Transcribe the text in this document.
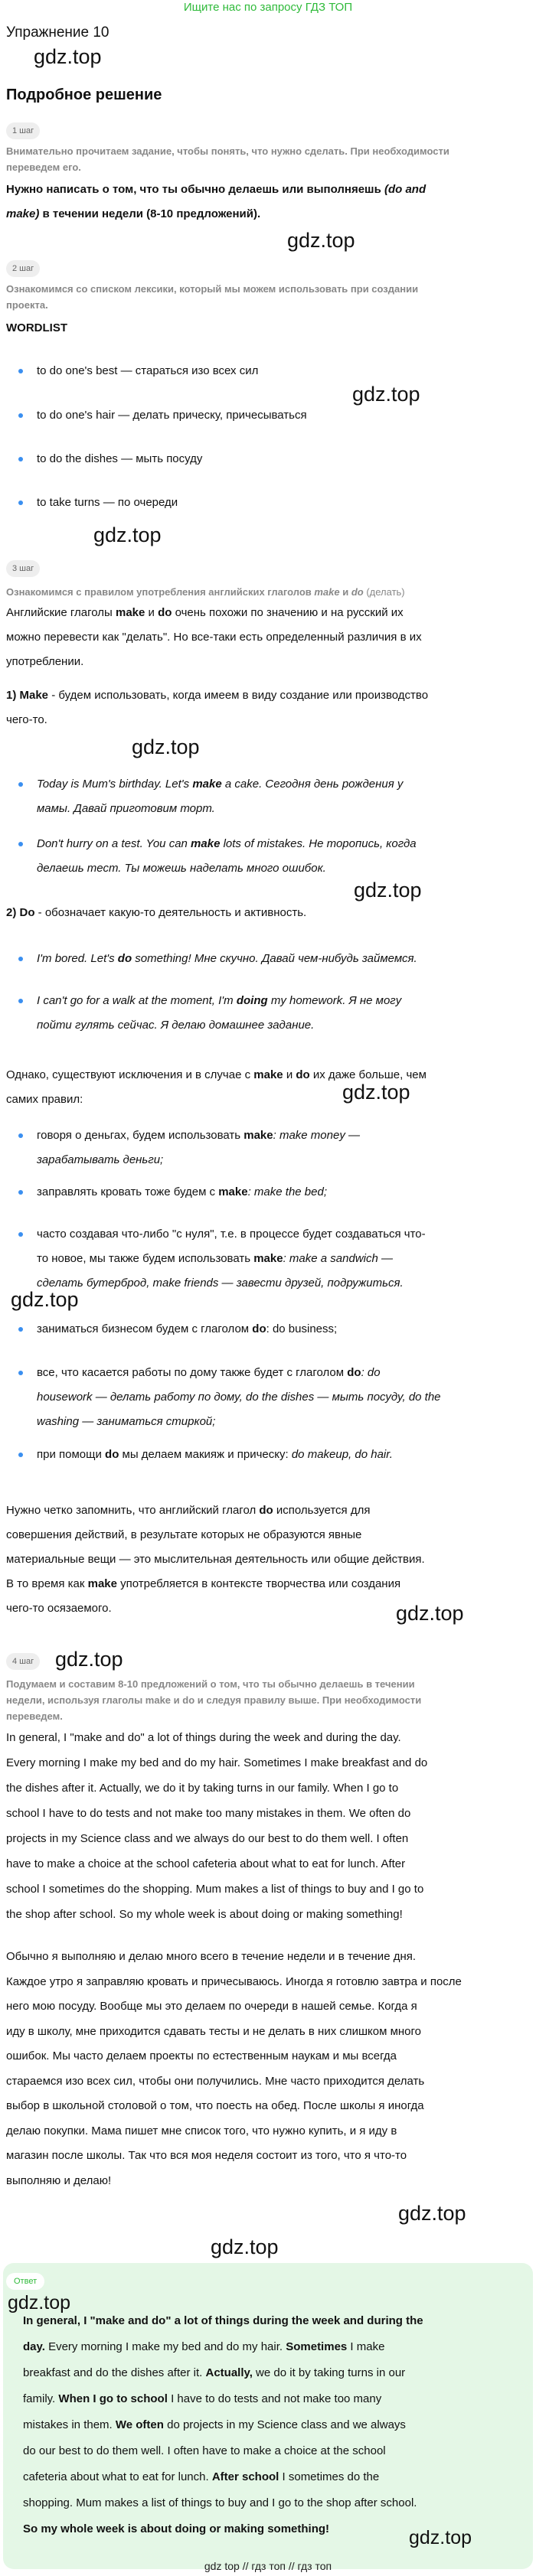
Ищите нас по запросу ГДЗ ТОП
Упражнение 10
gdz.top
Подробное решение
1 шаг
Внимательно прочитаем задание, чтобы понять, что нужно сделать. При необходимости
переведем его.
Нужно написать о том, что ты обычно делаешь или выполняешь (do and
make) в течении недели (8-10 предложений).
gdz.top
2 шаг
Ознакомимся со списком лексики, который мы можем использовать при создании
проекта.
WORDLIST
to do one's best — стараться изо всех сил
to do one's hair — делать прическу, причесываться
gdz.top
to do the dishes — мыть посуду
to take turns — по очереди
gdz.top
3 шаг
Ознакомимся с правилом употребления английских глаголов make и do (делать)
Английские глаголы make и do очень похожи по значению и на русский их
можно перевести как "делать". Но все-таки есть определенный различия в их
употреблении.
1) Make - будем использовать, когда имеем в виду создание или производство
чего-то.
gdz.top
Today is Mum's birthday. Let's make a cake. Сегодня день рождения у
мамы. Давай приготовим торт.
Don't hurry on a test. You can make lots of mistakes. Не торопись, когда
делаешь тест. Ты можешь наделать много ошибок.
gdz.top
2) Do - обозначает какую-то деятельность и активность.
I'm bored. Let's do something! Мне скучно. Давай чем-нибудь займемся.
I can't go for a walk at the moment, I'm doing my homework. Я не могу
пойти гулять сейчас. Я делаю домашнее задание.
Однако, существуют исключения и в случае с make и do их даже больше, чем
самих правил:	gdz.top
говоря о деньгах, будем использовать make: make money —
зарабатывать деньги;
заправлять кровать тоже будем с make: make the bed;
часто создавая что-либо "с нуля", т.е. в процессе будет создаваться что-
то новое, мы также будем использовать make: make a sandwich —
сделать бутерброд, make friends — завести друзей, подружиться.
gdz.top
заниматься бизнесом будем с глаголом do: do business;
все, что касается работы по дому также будет с глаголом do: do
housework — делать работу по дому, do the dishes — мыть посуду, do the
washing — заниматься стиркой;
при помощи do мы делаем макияж и прическу: do makeup, do hair.
Нужно четко запомнить, что английский глагол do используется для
совершения действий, в результате которых не образуются явные
материальные вещи — это мыслительная деятельность или общие действия.
В то время как make употребляется в контексте творчества или создания
чего-то осязаемого.	gdz.top
4 шаг gdz.top
Подумаем и составим 8-10 предложений о том, что ты обычно делаешь в течении
недели, используя глаголы make и do и следуя правилу выше. При необходимости
переведем.
In general, I "make and do" a lot of things during the week and during the day.
Every morning I make my bed and do my hair. Sometimes I make breakfast and do
the dishes after it. Actually, we do it by taking turns in our family. When I go to
school I have to do tests and not make too many mistakes in them. We often do
projects in my Science class and we always do our best to do them well. I often
have to make a choice at the school cafeteria about what to eat for lunch. After
school I sometimes do the shopping. Mum makes a list of things to buy and I go to
the shop after school. So my whole week is about doing or making something!
Обычно я выполняю и делаю много всего в течение недели и в течение дня.
Каждое утро я заправляю кровать и причесываюсь. Иногда я готовлю завтра и после
него мою посуду. Вообще мы это делаем по очереди в нашей семье. Когда я
иду в школу, мне приходится сдавать тесты и не делать в них слишком много
ошибок. Мы часто делаем проекты по естественным наукам и мы всегда
стараемся изо всех сил, чтобы они получились. Мне часто приходится делать
выбор в школьной столовой о том, что поесть на обед. После школы я иногда
делаю покупки. Мама пишет мне список того, что нужно купить, и я иду в
магазин после школы. Так что вся моя неделя состоит из того, что я что-то
выполняю и делаю!
gdz.top
gdz.top
Ответ
gdz.top
In general, I "make and do" a lot of things during the week and during the
day. Every morning I make my bed and do my hair. Sometimes I make
breakfast and do the dishes after it. Actually, we do it by taking turns in our
family. When I go to school I have to do tests and not make too many
mistakes in them. We often do projects in my Science class and we always
do our best to do them well. I often have to make a choice at the school
cafeteria about what to eat for lunch. After school I sometimes do the
shopping. Mum makes a list of things to buy and I go to the shop after school.
So my whole week is about doing or making something!	gdz.top
gdz top // гдз топ // гдз топ
